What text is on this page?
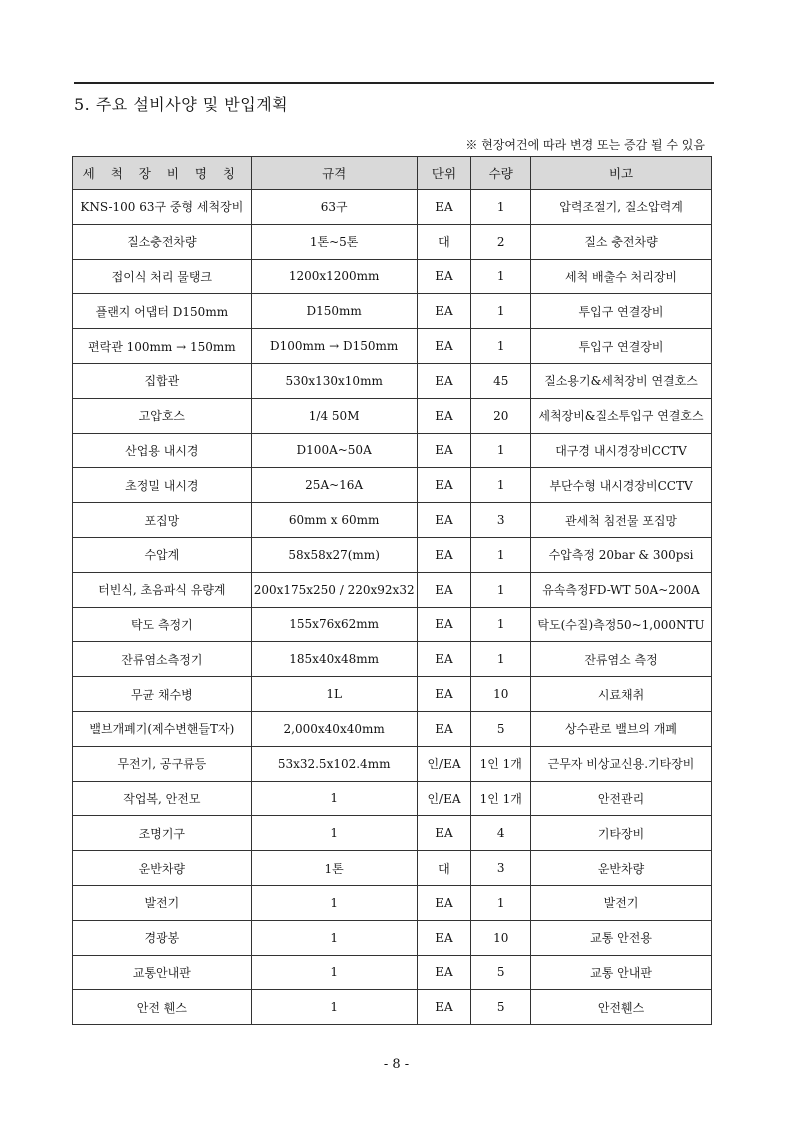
5. 주요 설비사양 및 반입계획
※ 현장여건에 따라 변경 또는 증감 될 수 있음
세 척 장 비 명 칭	규격	단위	수량	비고
KNS-100 63구 중형 세척장비	63구	EA	1	압력조절기, 질소압력계
질소충전차량	1톤~5톤	대	2	질소 충전차량
접이식 처리 물탱크	1200x1200mm	EA	1	세척 배출수 처리장비
플랜지 어댑터 D150mm	D150mm	EA	1	투입구 연결장비
편락관 100mm → 150mm	D100mm → D150mm	EA	1	투입구 연결장비
집합관	530x130x10mm	EA	45	질소용기&세척장비 연결호스
고압호스	1/4 50M	EA	20	세척장비&질소투입구 연결호스
산업용 내시경	D100A~50A	EA	1	대구경 내시경장비CCTV
초정밀 내시경	25A~16A	EA	1	부단수형 내시경장비CCTV
포집망	60mm x 60mm	EA	3	관세척 침전물 포집망
수압계	58x58x27(mm)	EA	1	수압측정 20bar & 300psi
터빈식, 초음파식 유량계	200x175x250 / 220x92x32	EA	1	유속측정FD-WT 50A~200A
탁도 측정기	155x76x62mm	EA	1	탁도(수질)측정50~1,000NTU
잔류염소측정기	185x40x48mm	EA	1	잔류염소 측정
무균 채수병	1L	EA	10	시료채취
밸브개폐기(제수변핸들T자)	2,000x40x40mm	EA	5	상수관로 밸브의 개폐
무전기, 공구류등	53x32.5x102.4mm	인/EA	1인 1개	근무자 비상교신용.기타장비
작업복, 안전모	1	인/EA	1인 1개	안전관리
조명기구	1	EA	4	기타장비
운반차량	1톤	대	3	운반차량
발전기	1	EA	1	발전기
경광봉	1	EA	10	교통 안전용
교통안내판	1	EA	5	교통 안내판
안전 휀스	1	EA	5	안전휀스
- 8 -
